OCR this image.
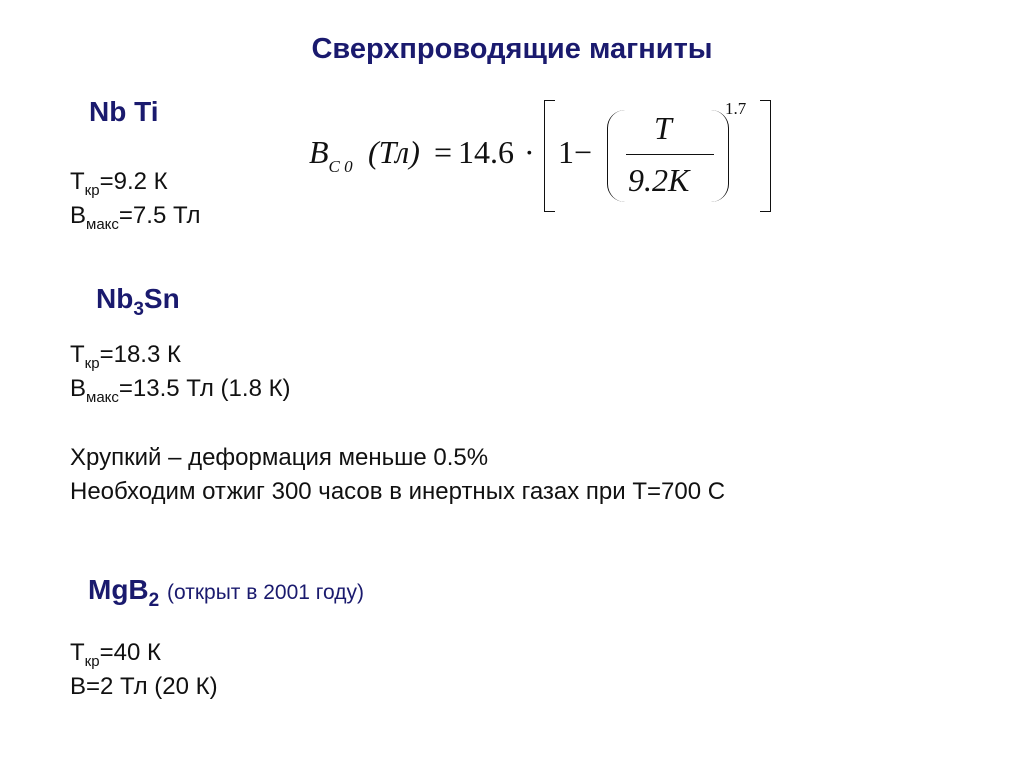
Сверхпроводящие магниты
Nb Ti
$T_{кр}=9.2$ К
$B_{макс}=7.5$ Тл
$B_{C 0}$ (Тл) = 14.6 · 1−
T
9.2К
1.7
$Nb_3Sn$
$T_{кр}=18.3$ К
$B_{макс}=13.5$ Тл (1.8 К)
Хрупкий – деформация меньше 0.5%
Необходим отжиг 300 часов в инертных газах при T=700 C
MgB$_2$ (открыт в 2001 году)
$T_{кр}=40$ К
B=2 Тл (20 К)
